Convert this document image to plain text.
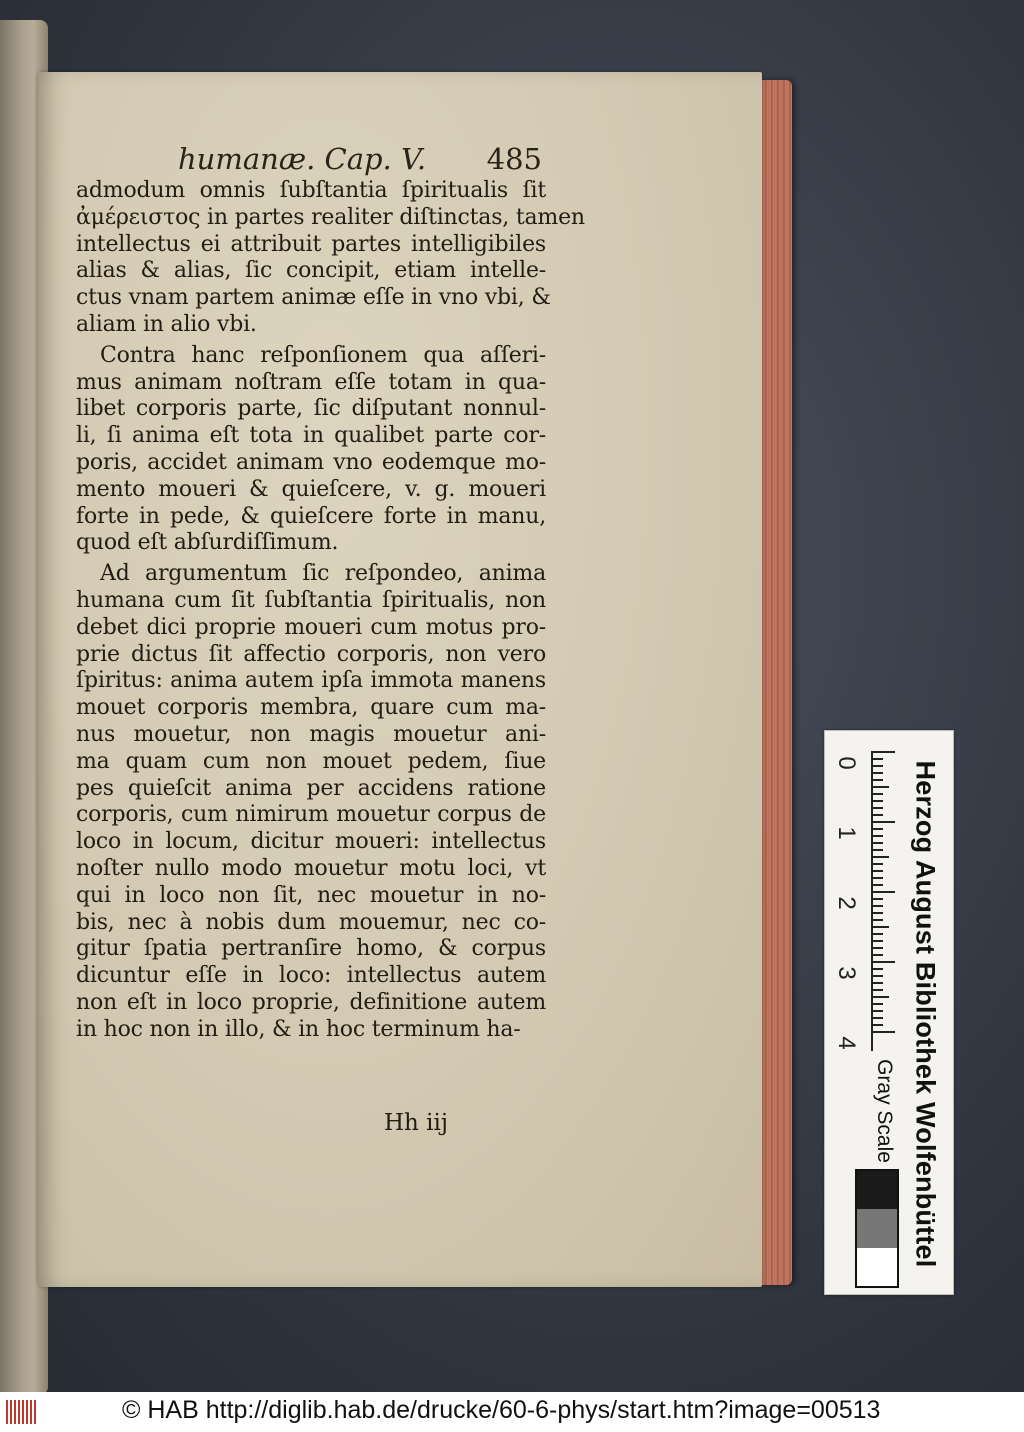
humanæ. Cap. V. 485
admodum omnis ſubſtantia ſpiritualis ſit
ἀμέρειστος in partes realiter diſtinctas, tamen
intellectus ei attribuit partes intelligibiles
alias & alias, ſic concipit, etiam intelle-
ctus vnam partem animæ eſſe in vno vbi, &
aliam in alio vbi.
Contra hanc reſponſionem qua aſſeri-
mus animam noſtram eſſe totam in qua-
libet corporis parte, ſic diſputant nonnul-
li, ſi anima eſt tota in qualibet parte cor-
poris, accidet animam vno eodemque mo-
mento moueri & quieſcere, v. g. moueri
forte in pede, & quieſcere forte in manu,
quod eſt abſurdiſſimum.
Ad argumentum ſic reſpondeo, anima
humana cum ſit ſubſtantia ſpiritualis, non
debet dici proprie moueri cum motus pro-
prie dictus ſit affectio corporis, non vero
ſpiritus: anima autem ipſa immota manens
mouet corporis membra, quare cum ma-
nus mouetur, non magis mouetur ani-
ma quam cum non mouet pedem, ſiue
pes quieſcit anima per accidens ratione
corporis, cum nimirum mouetur corpus de
loco in locum, dicitur moueri: intellectus
noſter nullo modo mouetur motu loci, vt
qui in loco non ſit, nec mouetur in no-
bis, nec à nobis dum mouemur, nec co-
gitur ſpatia pertranſire homo, & corpus
dicuntur eſſe in loco: intellectus autem
non eſt in loco proprie, definitione autem
in hoc non in illo, & in hoc terminum ha-
Hh iij
0
1
2
3
4 Herzog August Bibliothek Wolfenbüttel
Gray Scale
© HAB http://diglib.hab.de/drucke/60-6-phys/start.htm?image=00513
